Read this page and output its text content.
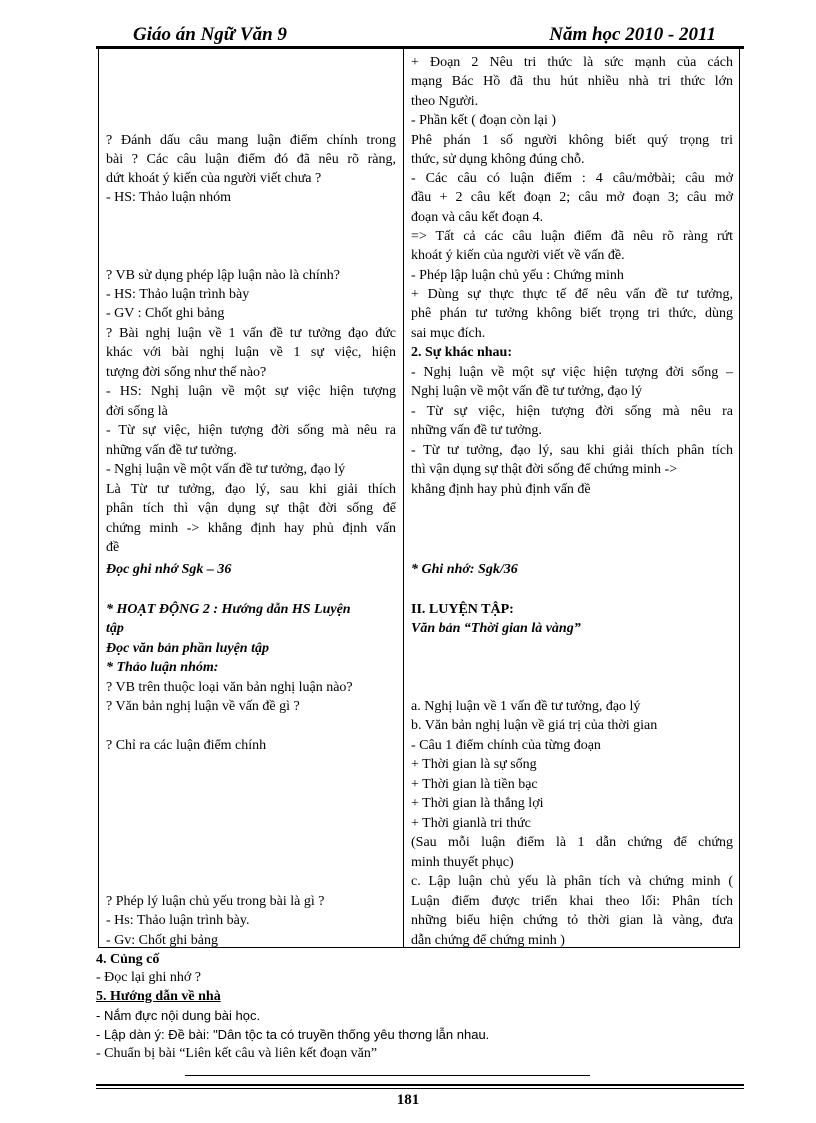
Giáo án Ngữ Văn 9	Năm học 2010 - 2011
? Đánh dấu câu mang luận điểm chính trong
bài ? Các câu luận điểm đó đã nêu rõ ràng,
dứt khoát ý kiến của người viết chưa ?
- HS: Thảo luận nhóm
? VB sử dụng phép lập luận nào là chính?
- HS: Thảo luận trình bày
- GV : Chốt ghi bảng
? Bài nghị luận về 1 vấn đề tư tưởng đạo đức
khác với bài nghị luận về 1 sự việc, hiện
tượng đời sống như thế nào?
- HS: Nghị luận về một sự việc hiện tượng
đời sống là
- Từ sự việc, hiện tượng đời sống mà nêu ra
những vấn đề tư tưởng.
- Nghị luận về một vấn đề tư tưởng, đạo lý
Là Từ tư tưởng, đạo lý, sau khi giải thích
phân tích thì vận dụng sự thật đời sống để
chứng minh -> khẳng định hay phủ định vấn
đề
Đọc ghi nhớ Sgk – 36
* HOẠT ĐỘNG 2 : Hướng dẫn HS Luyện
tập
Đọc văn bản phần luyện tập
* Thảo luận nhóm:
? VB trên thuộc loại văn bản nghị luận nào?
? Văn bản nghị luận về vấn đề gì ?
? Chỉ ra các luận điểm chính
? Phép lý luận chủ yếu trong bài là gì ?
- Hs: Thảo luận trình bày.
- Gv: Chốt ghi bảng
+ Đoạn 2 Nêu tri thức là sức mạnh của cách
mạng Bác Hồ đã thu hút nhiều nhà tri thức lớn
theo Người.
- Phần kết ( đoạn còn lại )
Phê phán 1 số người không biết quý trọng tri
thức, sử dụng không đúng chỗ.
- Các câu có luận điểm : 4 câu/mởbài; câu mở
đầu + 2 câu kết đoạn 2; câu mở đoạn 3; câu mở
đoạn và câu kết đoạn 4.
=> Tất cả các câu luận điểm đã nêu rõ ràng rứt
khoát ý kiến của người viết về vấn đề.
- Phép lập luận chủ yếu : Chứng minh
+ Dùng sự thực thực tế để nêu vấn đề tư tưởng,
phê phán tư tưởng không biết trọng tri thức, dùng
sai mục đích.
2. Sự khác nhau:
- Nghị luận về một sự việc hiện tượng đời sống –
Nghị luận về một vấn đề tư tưởng, đạo lý
- Từ sự việc, hiện tượng đời sống mà nêu ra
những vấn đề tư tưởng.
- Từ tư tưởng, đạo lý, sau khi giải thích phân tích
thì vận dụng sự thật đời sống để chứng minh ->
khẳng định hay phủ định vấn đề
* Ghi nhớ: Sgk/36
II. LUYỆN TẬP:
Văn bản “Thời gian là vàng”
a. Nghị luận về 1 vấn đề tư tưởng, đạo lý
b. Văn bản nghị luận về giá trị của thời gian
- Câu 1 điểm chính của từng đoạn
+ Thời gian là sự sống
+ Thời gian là tiền bạc
+ Thời gian là thắng lợi
+ Thời gianlà tri thức
(Sau mỗi luận điểm là 1 dẫn chứng để chứng
minh thuyết phục)
c. Lập luận chủ yếu là phân tích và chứng minh (
Luận điểm được triển khai theo lối: Phân tích
những biểu hiện chứng tỏ thời gian là vàng, đưa
dẫn chứng để chứng minh )
4. Củng cố
- Đọc lại ghi nhớ ?
5. Hướng dẫn về nhà
- Nắm đực nội dung bài học.
- Lập dàn ý: Đề bài: "Dân tộc ta có truyền thống yêu thơng lẫn nhau.
- Chuẩn bị bài “Liên kết câu và liên kết đoạn văn”
181
